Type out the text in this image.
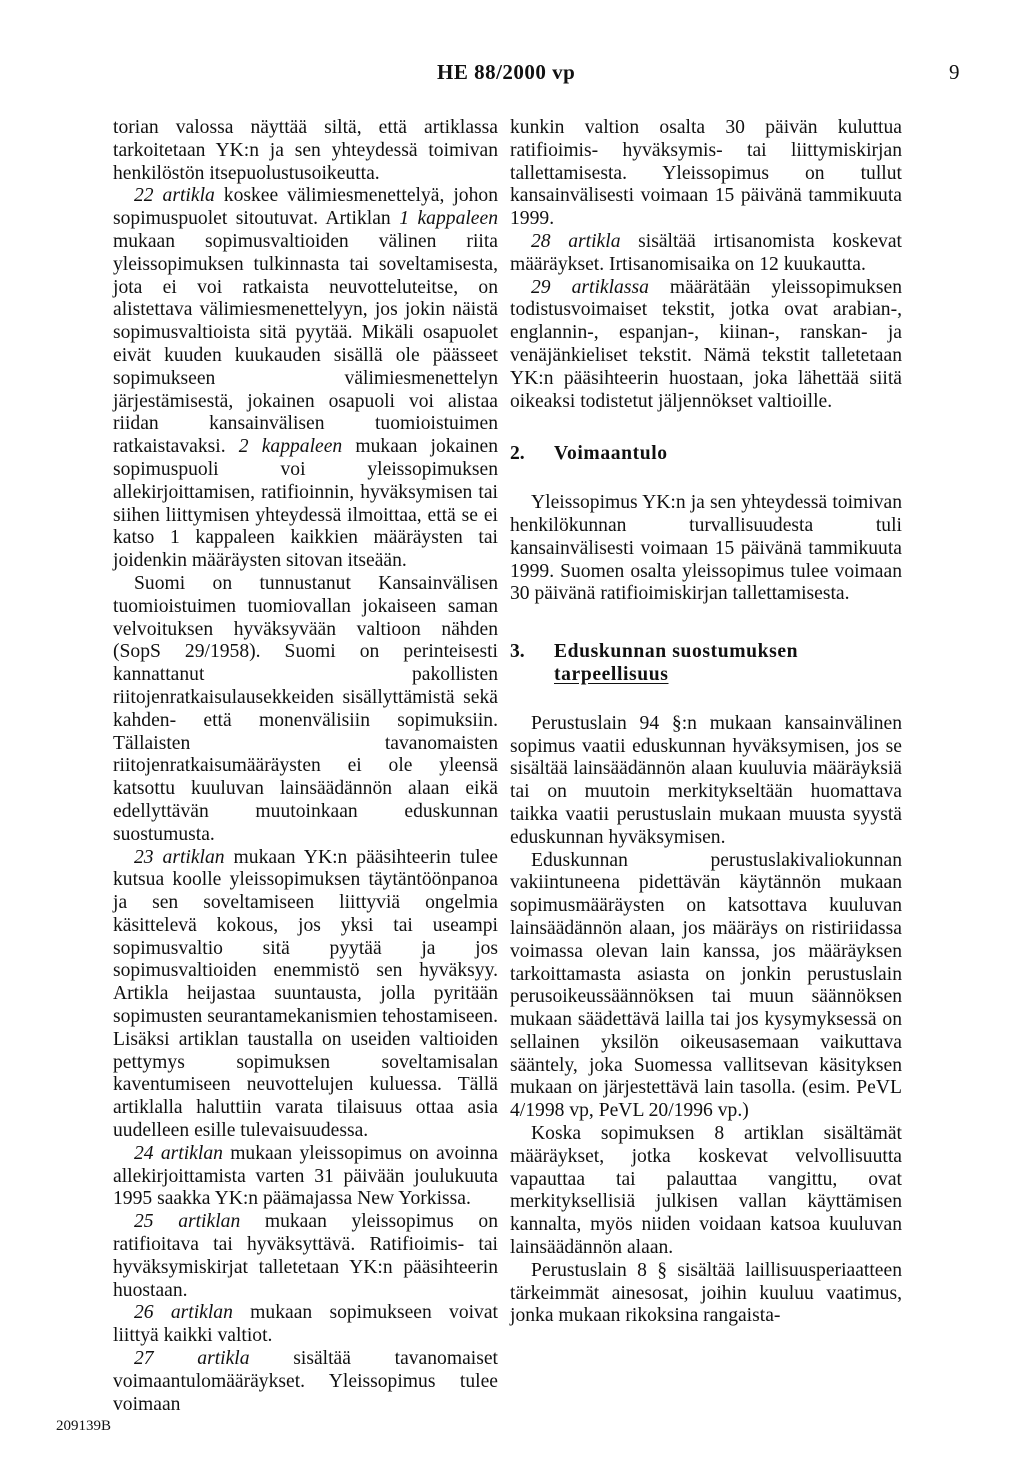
HE 88/2000 vp	9

torian valossa näyttää siltä, että artiklassa tarkoitetaan YK:n ja sen yhteydessä toimivan henkilöstön itsepuolustusoikeutta.

22 artikla koskee välimiesmenettelyä, johon sopimuspuolet sitoutuvat. Artiklan 1 kappaleen mukaan sopimusvaltioiden välinen riita yleissopimuksen tulkinnasta tai soveltamisesta, jota ei voi ratkaista neuvotteluteitse, on alistettava välimiesmenettelyyn, jos jokin näistä sopimusvaltioista sitä pyytää. Mikäli osapuolet eivät kuuden kuukauden sisällä ole päässeet sopimukseen välimiesmenettelyn järjestämisestä, jokainen osapuoli voi alistaa riidan kansainvälisen tuomioistuimen ratkaistavaksi. 2 kappaleen mukaan jokainen sopimuspuoli voi yleissopimuksen allekirjoittamisen, ratifioinnin, hyväksymisen tai siihen liittymisen yhteydessä ilmoittaa, että se ei katso 1 kappaleen kaikkien määräysten tai joidenkin määräysten sitovan itseään.

Suomi on tunnustanut Kansainvälisen tuomioistuimen tuomiovallan jokaiseen saman velvoituksen hyväksyvään valtioon nähden (SopS 29/1958). Suomi on perinteisesti kannattanut pakollisten riitojenratkaisulausekkeiden sisällyttämistä sekä kahden- että monenvälisiin sopimuksiin. Tällaisten tavanomaisten riitojenratkaisumääräysten ei ole yleensä katsottu kuuluvan lainsäädännön alaan eikä edellyttävän muutoinkaan eduskunnan suostumusta.

23 artiklan mukaan YK:n pääsihteerin tulee kutsua koolle yleissopimuksen täytäntöönpanoa ja sen soveltamiseen liittyviä ongelmia käsittelevä kokous, jos yksi tai useampi sopimusvaltio sitä pyytää ja jos sopimusvaltioiden enemmistö sen hyväksyy. Artikla heijastaa suuntausta, jolla pyritään sopimusten seurantamekanismien tehostamiseen. Lisäksi artiklan taustalla on useiden valtioiden pettymys sopimuksen soveltamisalan kaventumiseen neuvottelujen kuluessa. Tällä artiklalla haluttiin varata tilaisuus ottaa asia uudelleen esille tulevaisuudessa.

24 artiklan mukaan yleissopimus on avoinna allekirjoittamista varten 31 päivään joulukuuta 1995 saakka YK:n päämajassa New Yorkissa.

25 artiklan mukaan yleissopimus on ratifioitava tai hyväksyttävä. Ratifioimis- tai hyväksymiskirjat talletetaan YK:n pääsihteerin huostaan.

26 artiklan mukaan sopimukseen voivat liittyä kaikki valtiot.

27 artikla sisältää tavanomaiset voimaantulomääräykset. Yleissopimus tulee voimaan

kunkin valtion osalta 30 päivän kuluttua ratifioimis- hyväksymis- tai liittymiskirjan tallettamisesta. Yleissopimus on tullut kansainvälisesti voimaan 15 päivänä tammikuuta 1999.

28 artikla sisältää irtisanomista koskevat määräykset. Irtisanomisaika on 12 kuukautta.

29 artiklassa määrätään yleissopimuksen todistusvoimaiset tekstit, jotka ovat arabian-, englannin-, espanjan-, kiinan-, ranskan- ja venäjänkieliset tekstit. Nämä tekstit talletetaan YK:n pääsihteerin huostaan, joka lähettää siitä oikeaksi todistetut jäljennökset valtioille.

2.	Voimaantulo

Yleissopimus YK:n ja sen yhteydessä toimivan henkilökunnan turvallisuudesta tuli kansainvälisesti voimaan 15 päivänä tammikuuta 1999. Suomen osalta yleissopimus tulee voimaan 30 päivänä ratifioimiskirjan tallettamisesta.

3.	Eduskunnan suostumuksen
tarpeellisuus

Perustuslain 94 §:n mukaan kansainvälinen sopimus vaatii eduskunnan hyväksymisen, jos se sisältää lainsäädännön alaan kuuluvia määräyksiä tai on muutoin merkitykseltään huomattava taikka vaatii perustuslain mukaan muusta syystä eduskunnan hyväksymisen.

Eduskunnan perustuslakivaliokunnan vakiintuneena pidettävän käytännön mukaan sopimusmääräysten on katsottava kuuluvan lainsäädännön alaan, jos määräys on ristiriidassa voimassa olevan lain kanssa, jos määräyksen tarkoittamasta asiasta on jonkin perustuslain perusoikeussäännöksen tai muun säännöksen mukaan säädettävä lailla tai jos kysymyksessä on sellainen yksilön oikeusasemaan vaikuttava sääntely, joka Suomessa vallitsevan käsityksen mukaan on järjestettävä lain tasolla. (esim. PeVL 4/1998 vp, PeVL 20/1996 vp.)

Koska sopimuksen 8 artiklan sisältämät määräykset, jotka koskevat velvollisuutta vapauttaa tai palauttaa vangittu, ovat merkityksellisiä julkisen vallan käyttämisen kannalta, myös niiden voidaan katsoa kuuluvan lainsäädännön alaan.

Perustuslain 8 § sisältää laillisuusperiaatteen tärkeimmät ainesosat, joihin kuuluu vaatimus, jonka mukaan rikoksina rangaista-

209139B
